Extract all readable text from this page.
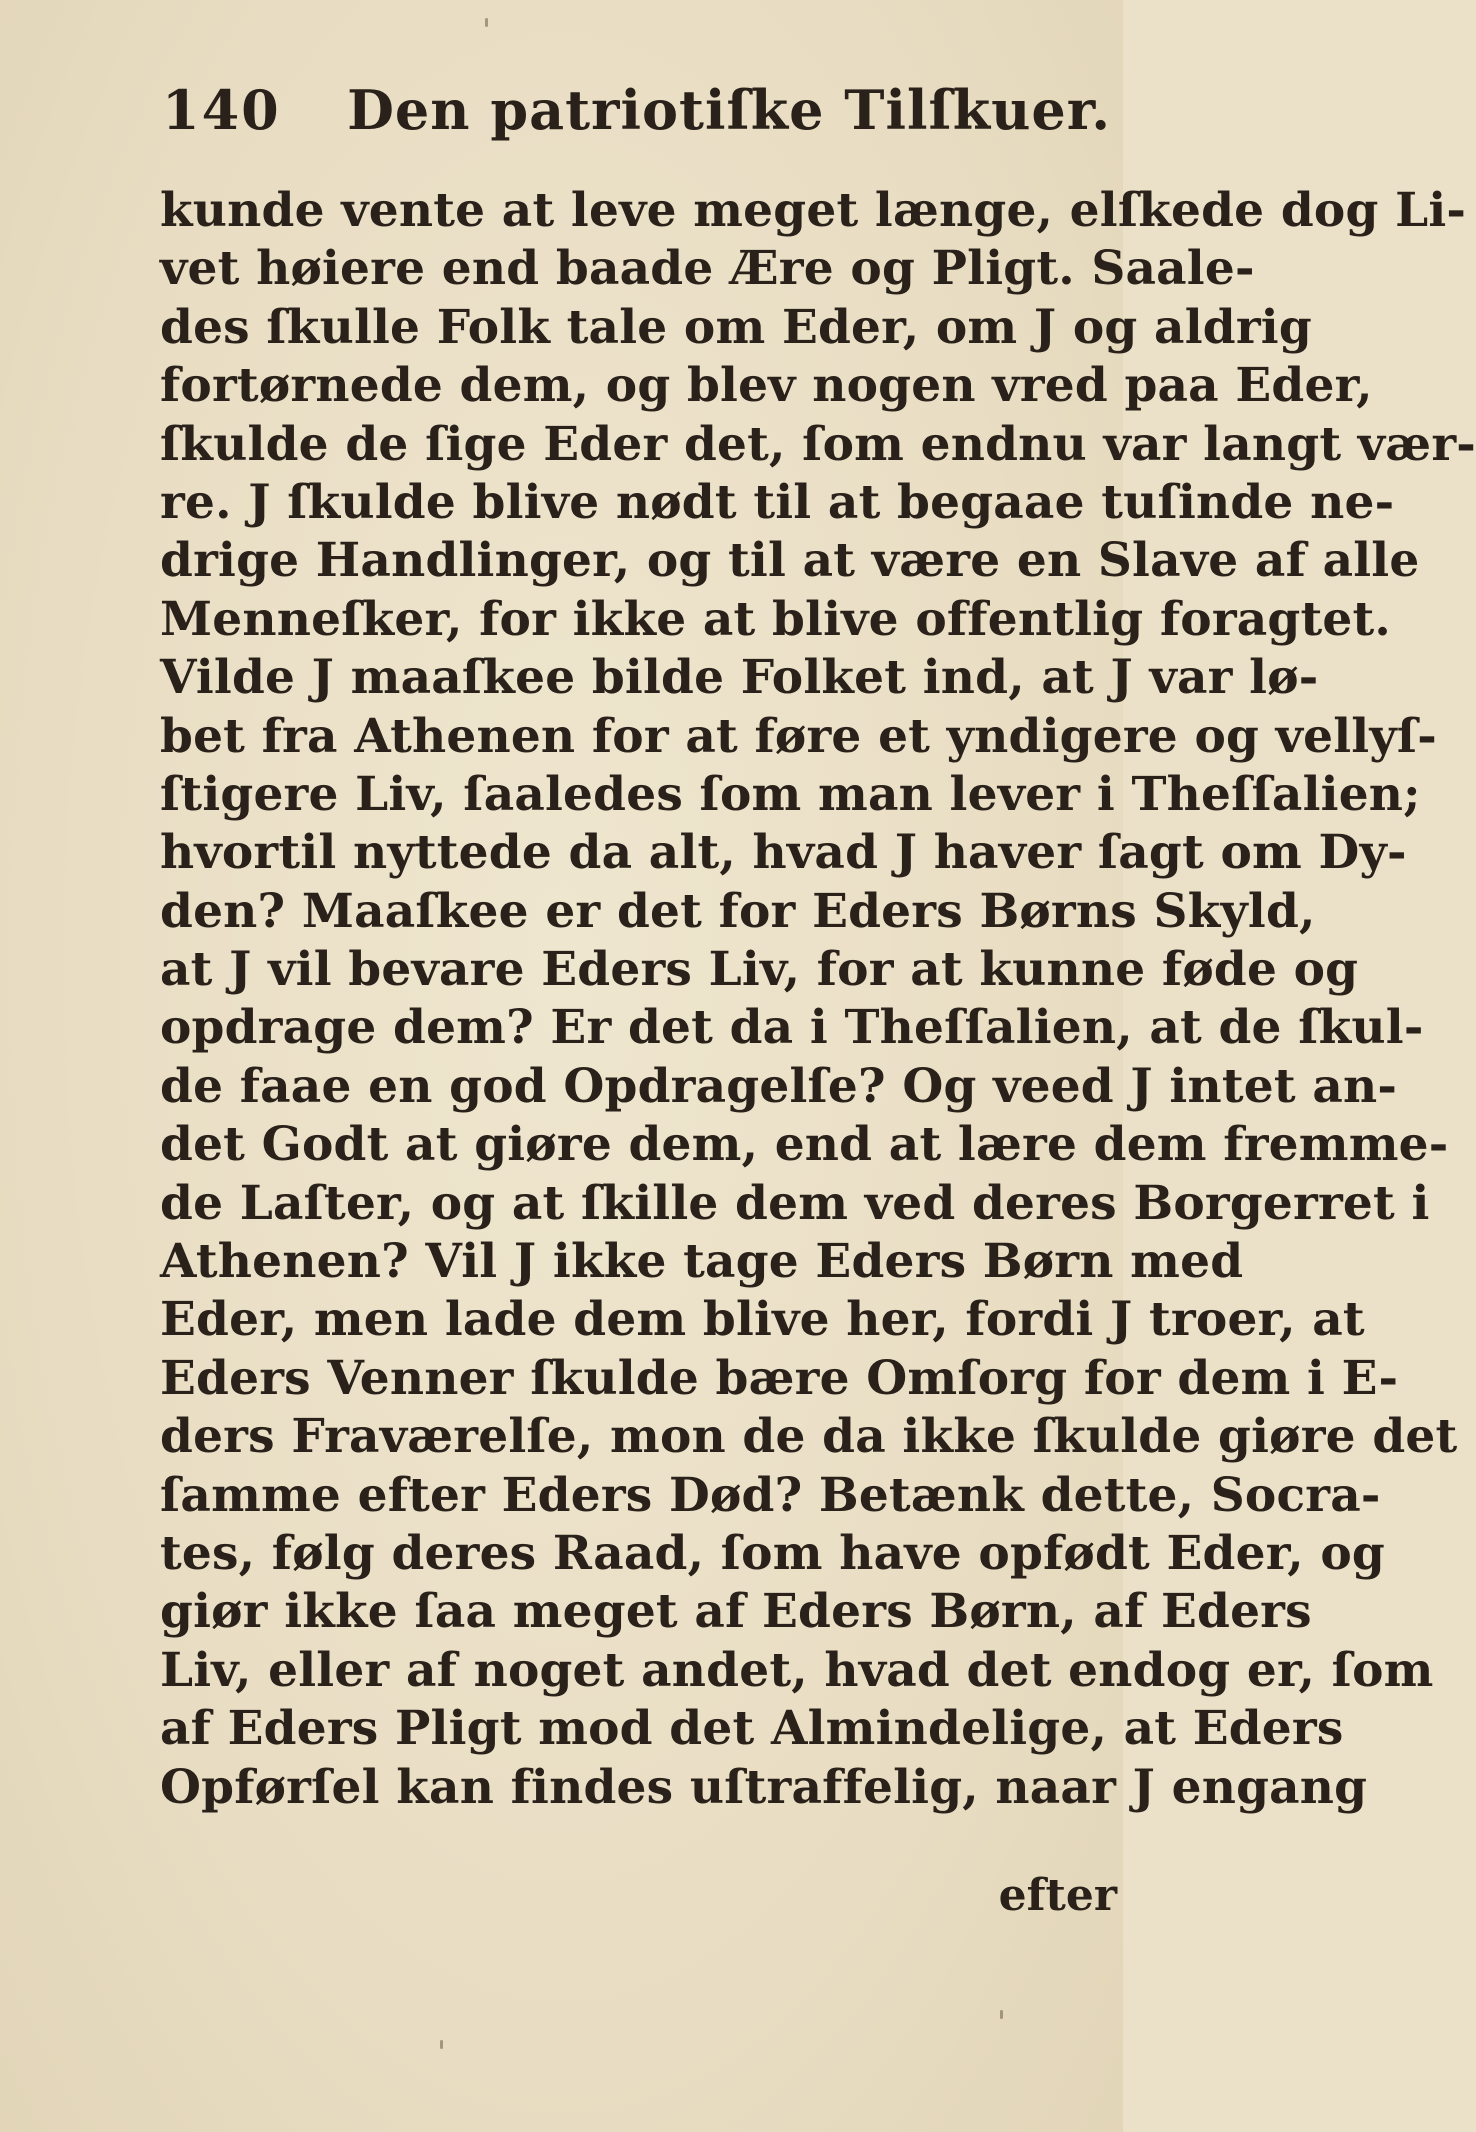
140 Den patriotiſke Tilſkuer.
kunde vente at leve meget længe, elſkede dog Li-
vet høiere end baade Ære og Pligt. Saale-
des ſkulle Folk tale om Eder, om J og aldrig
fortørnede dem, og blev nogen vred paa Eder,
ſkulde de ſige Eder det, ſom endnu var langt vær-
re. J ſkulde blive nødt til at begaae tuſinde ne-
drige Handlinger, og til at være en Slave af alle
Menneſker, for ikke at blive offentlig foragtet.
Vilde J maaſkee bilde Folket ind, at J var lø-
bet fra Athenen for at føre et yndigere og vellyſ-
ſtigere Liv, ſaaledes ſom man lever i Theſſalien;
hvortil nyttede da alt, hvad J haver ſagt om Dy-
den? Maaſkee er det for Eders Børns Skyld,
at J vil bevare Eders Liv, for at kunne føde og
opdrage dem? Er det da i Theſſalien, at de ſkul-
de faae en god Opdragelſe? Og veed J intet an-
det Godt at giøre dem, end at lære dem fremme-
de Laſter, og at ſkille dem ved deres Borgerret i
Athenen? Vil J ikke tage Eders Børn med
Eder, men lade dem blive her, fordi J troer, at
Eders Venner ſkulde bære Omſorg for dem i E-
ders Fraværelſe, mon de da ikke ſkulde giøre det
ſamme efter Eders Død? Betænk dette, Socra-
tes, følg deres Raad, ſom have opfødt Eder, og
giør ikke ſaa meget af Eders Børn, af Eders
Liv, eller af noget andet, hvad det endog er, ſom
af Eders Pligt mod det Almindelige, at Eders
Opførſel kan findes uſtraffelig, naar J engang
efter
